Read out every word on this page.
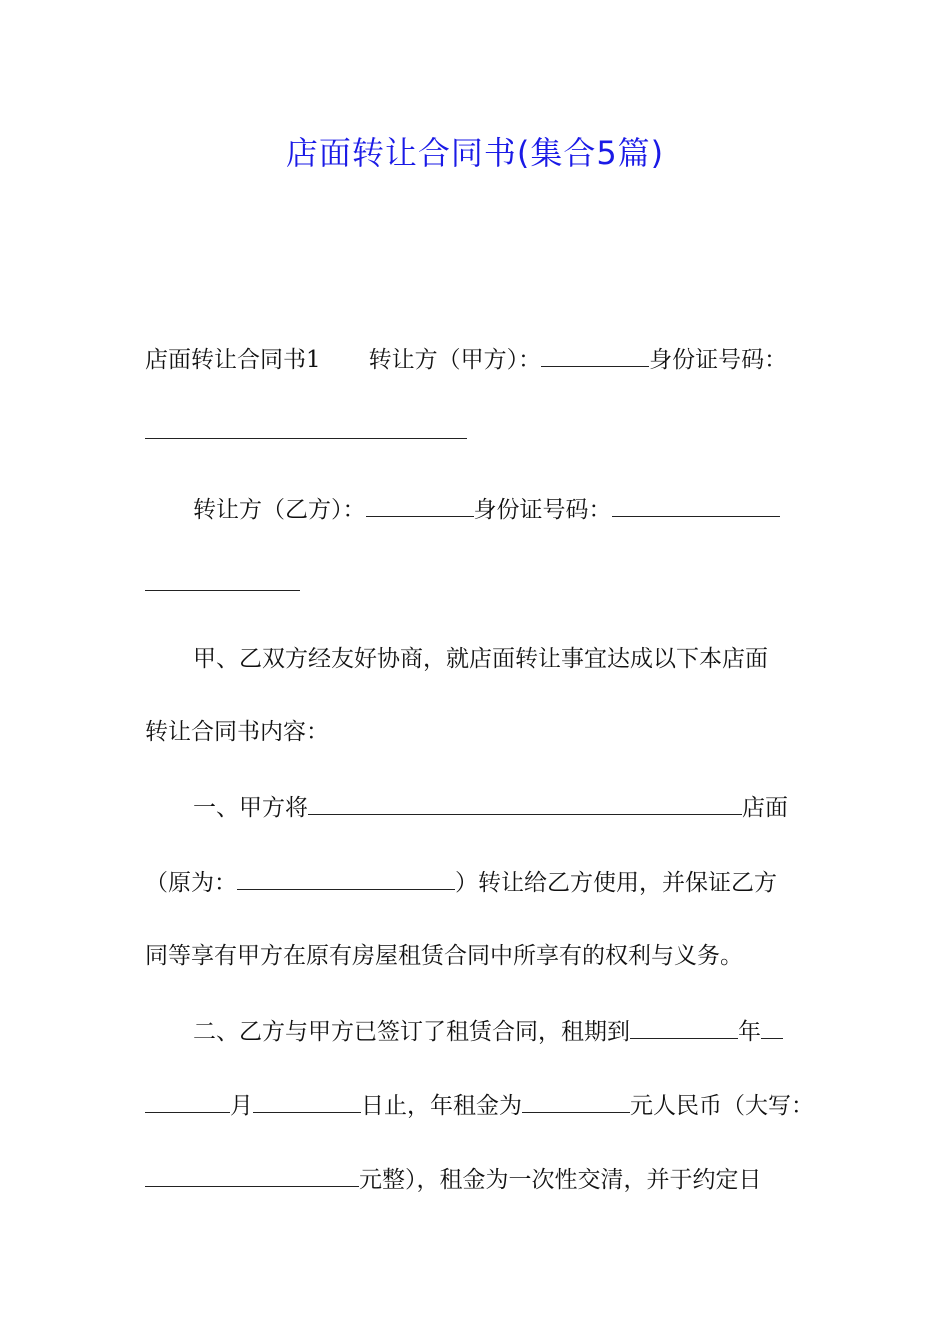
店面转让合同书(集合5篇)
店面转让合同书1 转让方（甲方）：	身份证号码：
转让方（乙方）：	身份证号码：
甲、乙双方经友好协商，就店面转让事宜达成以下本店面
转让合同书内容：
一、甲方将	店面
（原为：	）转让给乙方使用，并保证乙方
同等享有甲方在原有房屋租赁合同中所享有的权利与义务。
二、乙方与甲方已签订了租赁合同，租期到	年
月	日止，年租金为	元人民币（大写：
元整），租金为一次性交清，并于约定日
